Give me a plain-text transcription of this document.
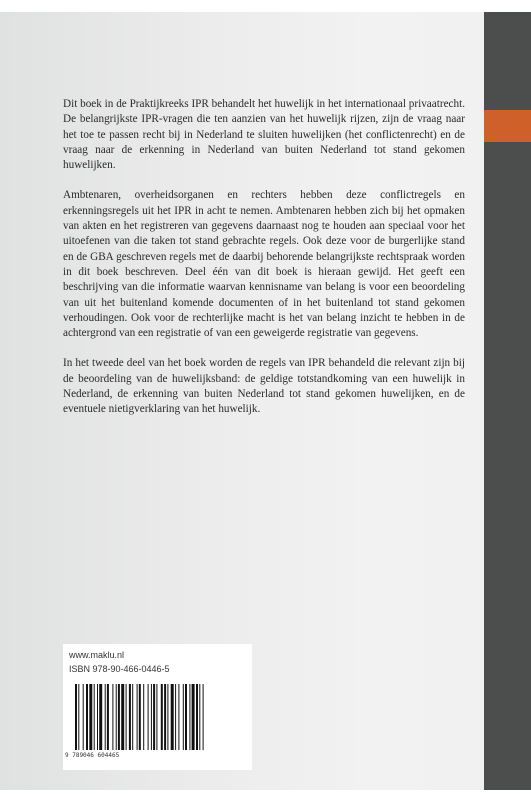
Dit boek in de Praktijkreeks IPR behandelt het huwelijk in het internationaal privaatrecht. De belangrijkste IPR-vragen die ten aanzien van het huwelijk rijzen, zijn de vraag naar het toe te passen recht bij in Nederland te sluiten huwelijken (het conflictenrecht) en de vraag naar de erkenning in Nederland van buiten Nederland tot stand gekomen huwelijken.

Ambtenaren, overheidsorganen en rechters hebben deze conflictregels en erkenningsregels uit het IPR in acht te nemen. Ambtenaren hebben zich bij het opmaken van akten en het registreren van gegevens daarnaast nog te houden aan speciaal voor het uitoefenen van die taken tot stand gebrachte regels. Ook deze voor de burgerlijke stand en de GBA geschreven regels met de daarbij behorende belangrijkste rechtspraak worden in dit boek beschreven. Deel één van dit boek is hieraan gewijd. Het geeft een beschrijving van die informatie waarvan kennisname van belang is voor een beoordeling van uit het buitenland komende documenten of in het buitenland tot stand gekomen verhoudingen. Ook voor de rechterlijke macht is het van belang inzicht te hebben in de achtergrond van een registratie of van een geweigerde registratie van gegevens.

In het tweede deel van het boek worden de regels van IPR behandeld die relevant zijn bij de beoordeling van de huwelijksband: de geldige totstandkoming van een huwelijk in Nederland, de erkenning van buiten Nederland tot stand gekomen huwelijken, en de eventuele nietigverklaring van het huwelijk.

www.maklu.nl
ISBN 978-90-466-0446-5
9 789046 604465
